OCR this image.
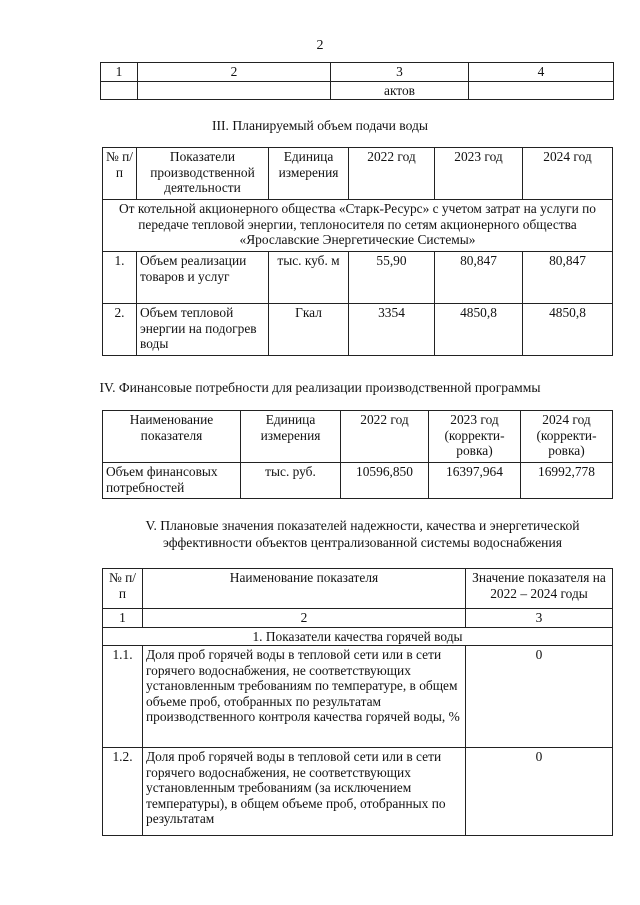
2
1	2	3	4
		актов	
III. Планируемый объем подачи воды
№ п/п	Показатели производственной деятельности	Единица измерения	2022 год	2023 год	2024 год
От котельной акционерного общества «Старк-Ресурс» с учетом затрат на услуги по передаче тепловой энергии, теплоносителя по сетям акционерного общества «Ярославские Энергетические Системы»					
1.	Объем реализации товаров и услуг	тыс. куб. м	55,90	80,847	80,847
2.	Объем тепловой энергии на подогрев воды	Гкал	3354	4850,8	4850,8
IV. Финансовые потребности для реализации производственной программы
Наименование показателя	Единица измерения	2022 год	2023 год (корректи-ровка)	2024 год (корректи-ровка)
Объем финансовых потребностей	тыс. руб.	10596,850	16397,964	16992,778
V. Плановые значения показателей надежности, качества и энергетической эффективности объектов централизованной системы водоснабжения
№ п/п	Наименование показателя	Значение показателя на 2022 – 2024 годы
1	2	3
1. Показатели качества горячей воды		
1.1.	Доля проб горячей воды в тепловой сети или в сети горячего водоснабжения, не соответствующих установленным требованиям по температуре, в общем объеме проб, отобранных по результатам производственного контроля качества горячей воды, %	0
1.2.	Доля проб горячей воды в тепловой сети или в сети горячего водоснабжения, не соответствующих установленным требованиям (за исключением температуры), в общем объеме проб, отобранных по результатам	0
